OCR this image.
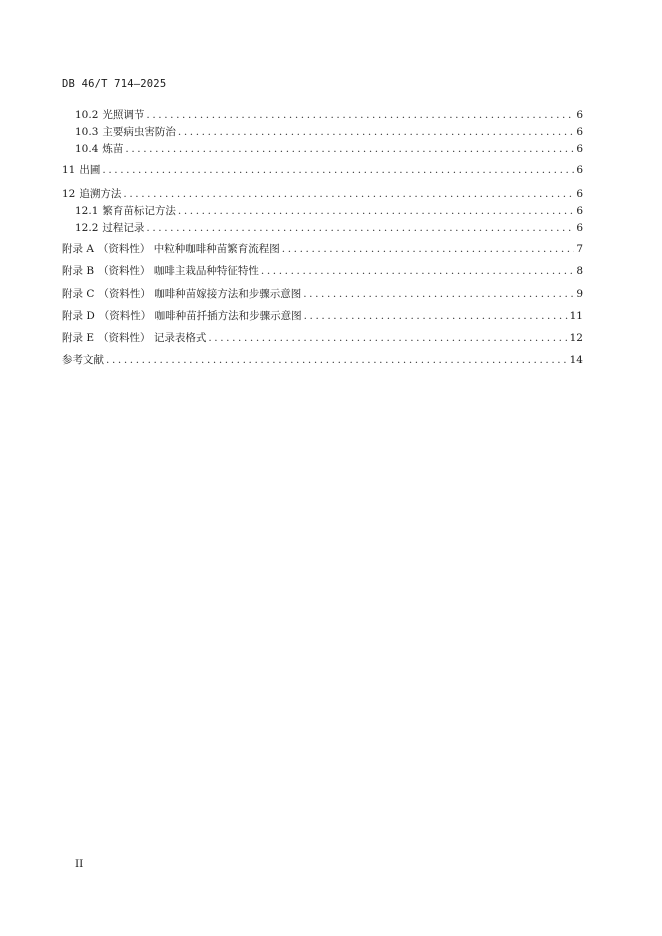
DB 46/T 714—2025
10.2 光照调节 .....	6
10.3 主要病虫害防治 .....	6
10.4 炼苗 .....	6
11 出圃 .....	6
12 追溯方法 .....	6
12.1 繁育苗标记方法 .....	6
12.2 过程记录 .....	6
附录 A （资料性） 中粒种咖啡种苗繁育流程图 .....	7
附录 B （资料性） 咖啡主栽品种特征特性 .....	8
附录 C （资料性） 咖啡种苗嫁接方法和步骤示意图 .....	9
附录 D （资料性） 咖啡种苗扦插方法和步骤示意图 .....	11
附录 E （资料性） 记录表格式 .....	12
参考文献 .....	14
II
